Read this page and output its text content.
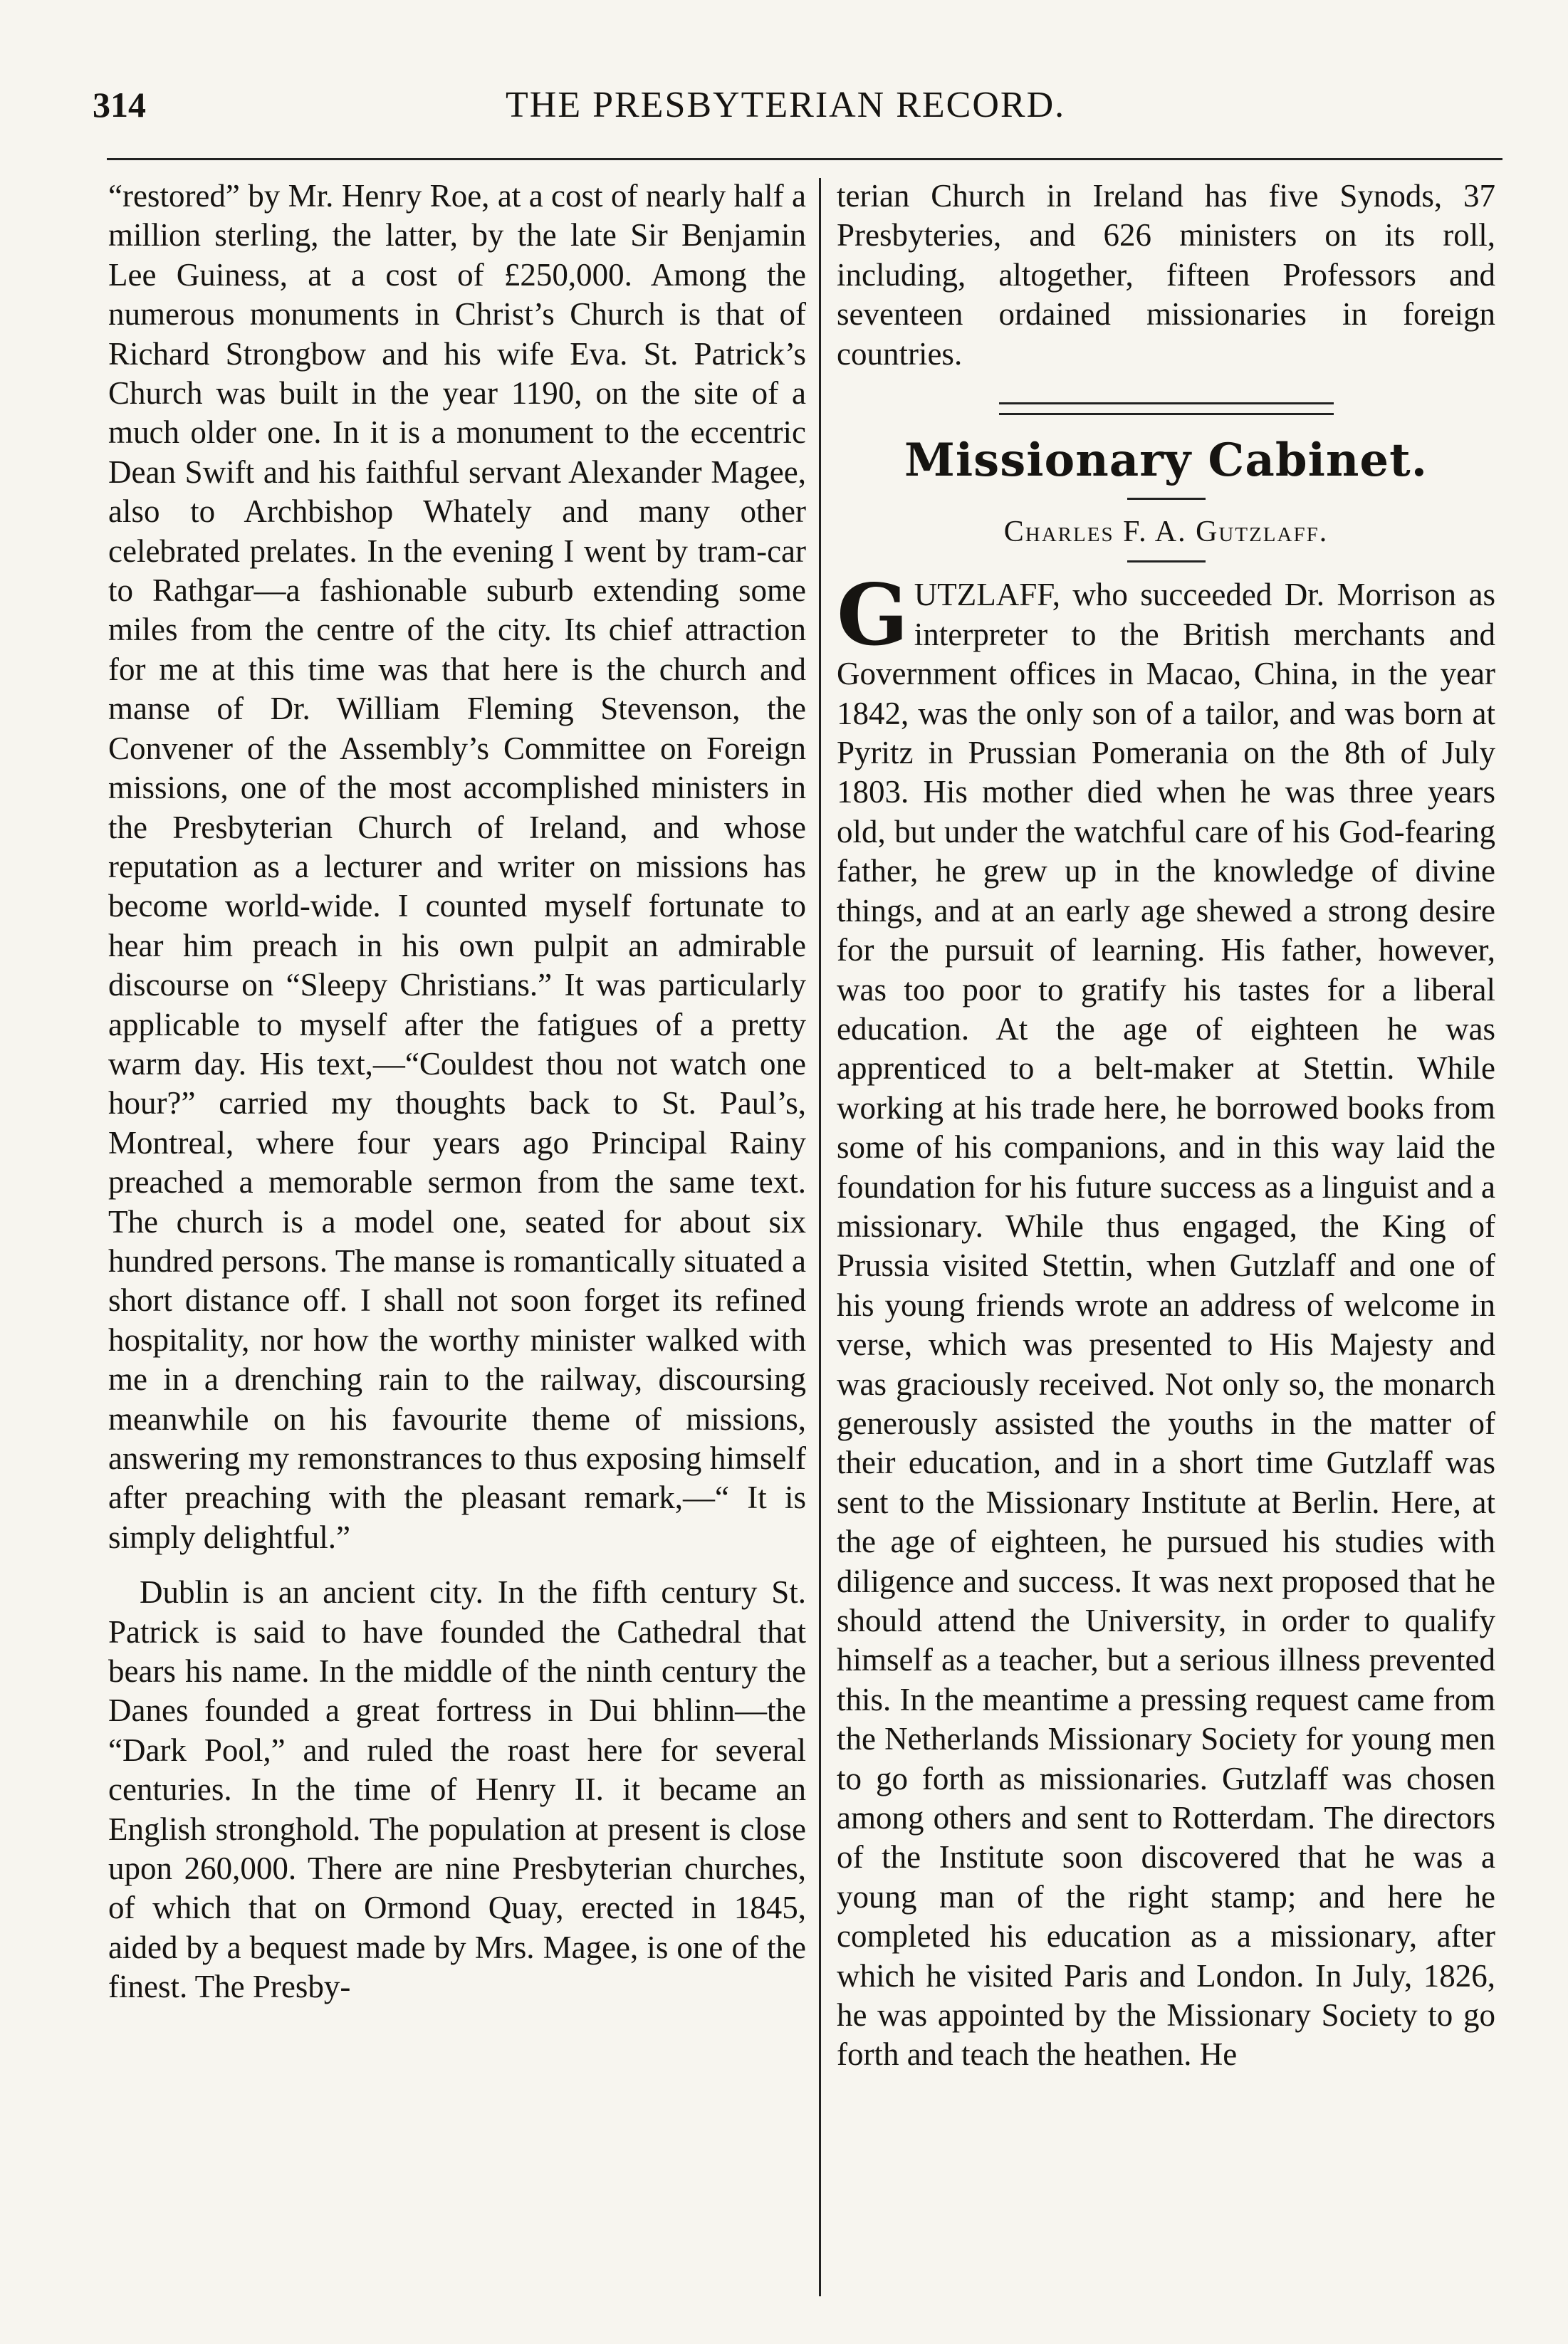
314	THE PRESBYTERIAN RECORD.

“restored” by Mr. Henry Roe, at a cost of nearly half a million sterling, the latter, by the late Sir Benjamin Lee Guiness, at a cost of £250,000. Among the numerous monuments in Christ’s Church is that of Richard Strongbow and his wife Eva. St. Patrick’s Church was built in the year 1190, on the site of a much older one. In it is a monument to the eccentric Dean Swift and his faithful servant Alexander Magee, also to Archbishop Whately and many other celebrated prelates. In the evening I went by tram-car to Rathgar—a fashionable suburb extending some miles from the centre of the city. Its chief attraction for me at this time was that here is the church and manse of Dr. William Fleming Stevenson, the Convener of the Assembly’s Committee on Foreign missions, one of the most accomplished ministers in the Presbyterian Church of Ireland, and whose reputation as a lecturer and writer on missions has become world-wide. I counted myself fortunate to hear him preach in his own pulpit an admirable discourse on “Sleepy Christians.” It was particularly applicable to myself after the fatigues of a pretty warm day. His text,—“Couldest thou not watch one hour?” carried my thoughts back to St. Paul’s, Montreal, where four years ago Principal Rainy preached a memorable sermon from the same text. The church is a model one, seated for about six hundred persons. The manse is romantically situated a short distance off. I shall not soon forget its refined hospitality, nor how the worthy minister walked with me in a drenching rain to the railway, discoursing meanwhile on his favourite theme of missions, answering my remonstrances to thus exposing himself after preaching with the pleasant remark,—“ It is simply delightful.”

Dublin is an ancient city. In the fifth century St. Patrick is said to have founded the Cathedral that bears his name. In the middle of the ninth century the Danes founded a great fortress in Dui bhlinn—the “Dark Pool,” and ruled the roast here for several centuries. In the time of Henry II. it became an English stronghold. The population at present is close upon 260,000. There are nine Presbyterian churches, of which that on Ormond Quay, erected in 1845, aided by a bequest made by Mrs. Magee, is one of the finest. The Presby-

terian Church in Ireland has five Synods, 37 Presbyteries, and 626 ministers on its roll, including, altogether, fifteen Professors and seventeen ordained missionaries in foreign countries.

Missionary Cabinet.
Charles F. A. Gutzlaff.

GUTZLAFF, who succeeded Dr. Morrison as interpreter to the British merchants and Government offices in Macao, China, in the year 1842, was the only son of a tailor, and was born at Pyritz in Prussian Pomerania on the 8th of July 1803. His mother died when he was three years old, but under the watchful care of his God-fearing father, he grew up in the knowledge of divine things, and at an early age shewed a strong desire for the pursuit of learning. His father, however, was too poor to gratify his tastes for a liberal education. At the age of eighteen he was apprenticed to a belt-maker at Stettin. While working at his trade here, he borrowed books from some of his companions, and in this way laid the foundation for his future success as a linguist and a missionary. While thus engaged, the King of Prussia visited Stettin, when Gutzlaff and one of his young friends wrote an address of welcome in verse, which was presented to His Majesty and was graciously received. Not only so, the monarch generously assisted the youths in the matter of their education, and in a short time Gutzlaff was sent to the Missionary Institute at Berlin. Here, at the age of eighteen, he pursued his studies with diligence and success. It was next proposed that he should attend the University, in order to qualify himself as a teacher, but a serious illness prevented this. In the meantime a pressing request came from the Netherlands Missionary Society for young men to go forth as missionaries. Gutzlaff was chosen among others and sent to Rotterdam. The directors of the Institute soon discovered that he was a young man of the right stamp; and here he completed his education as a missionary, after which he visited Paris and London. In July, 1826, he was appointed by the Missionary Society to go forth and teach the heathen. He
